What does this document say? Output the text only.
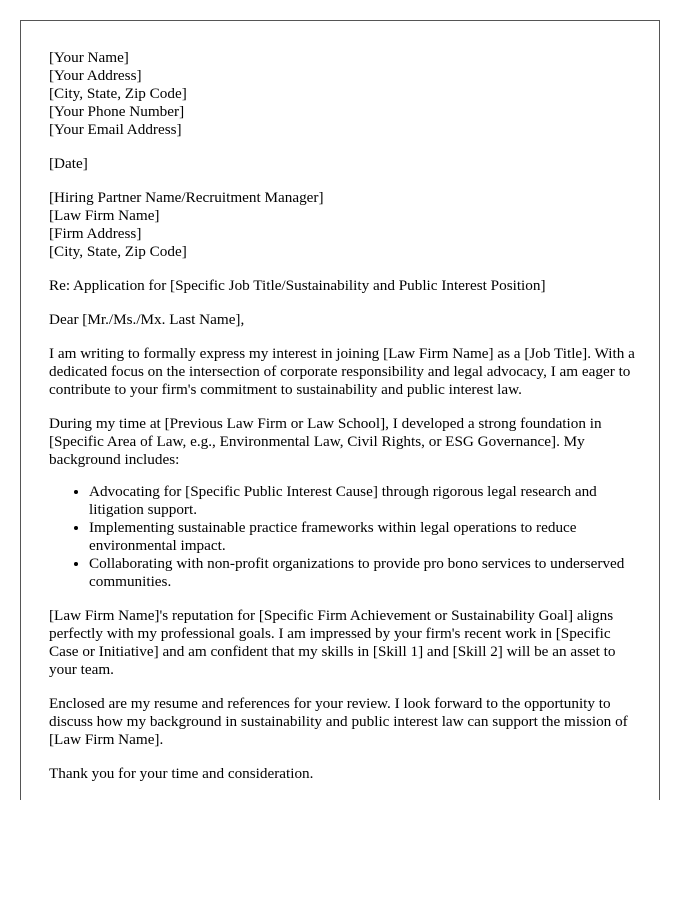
[Your Name]
[Your Address]
[City, State, Zip Code]
[Your Phone Number]
[Your Email Address]
[Date]
[Hiring Partner Name/Recruitment Manager]
[Law Firm Name]
[Firm Address]
[City, State, Zip Code]

Re: Application for [Specific Job Title/Sustainability and Public Interest Position]

Dear [Mr./Ms./Mx. Last Name],

I am writing to formally express my interest in joining [Law Firm Name] as a [Job Title]. With a dedicated focus on the intersection of corporate responsibility and legal advocacy, I am eager to contribute to your firm's commitment to sustainability and public interest law.

During my time at [Previous Law Firm or Law School], I developed a strong foundation in [Specific Area of Law, e.g., Environmental Law, Civil Rights, or ESG Governance]. My background includes:

• Advocating for [Specific Public Interest Cause] through rigorous legal research and litigation support.
• Implementing sustainable practice frameworks within legal operations to reduce environmental impact.
• Collaborating with non-profit organizations to provide pro bono services to underserved communities.

[Law Firm Name]'s reputation for [Specific Firm Achievement or Sustainability Goal] aligns perfectly with my professional goals. I am impressed by your firm's recent work in [Specific Case or Initiative] and am confident that my skills in [Skill 1] and [Skill 2] will be an asset to your team.

Enclosed are my resume and references for your review. I look forward to the opportunity to discuss how my background in sustainability and public interest law can support the mission of [Law Firm Name].

Thank you for your time and consideration.
